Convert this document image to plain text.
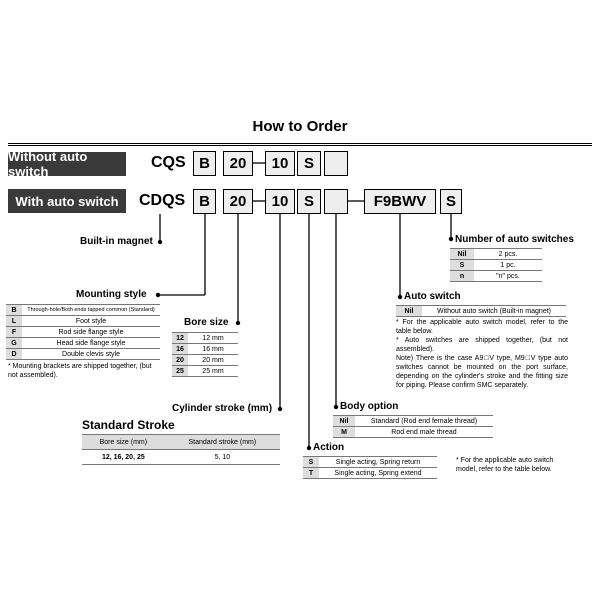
How to Order
Without auto switch
With auto switch
CQS
CDQS
B	20	10	S
B	20	10	S	F9BWV	S
Built-in magnet
Mounting style
B	Through-hole/Both ends tapped common (Standard)
L	Foot style
F	Rod side flange style
G	Head side flange style
D	Double clevis style
* Mounting brackets are shipped together, (but not assembled).
Bore size
12	12 mm
16	16 mm
20	20 mm
25	25 mm
Cylinder stroke (mm)
Standard Stroke
Bore size (mm)	Standard stroke (mm)
12, 16, 20, 25	5, 10
Action
S	Single acting, Spring return
T	Single acting, Spring extend
* For the applicable auto switch model, refer to the table below.
Body option
Nil	Standard (Rod end female thread)
M	Rod end male thread
Auto switch
Nil	Without auto switch (Built-in magnet)
* For the applicable auto switch model, refer to the table below.
* Auto switches are shipped together, (but not assembled).
Note) There is the case A9□V type, M9□V type auto switches cannot be mounted on the port surface, depending on the cylinder's stroke and the fitting size for piping. Please confirm SMC separately.
Number of auto switches
Nil	2 pcs.
S	1 pc.
n	"n" pcs.
